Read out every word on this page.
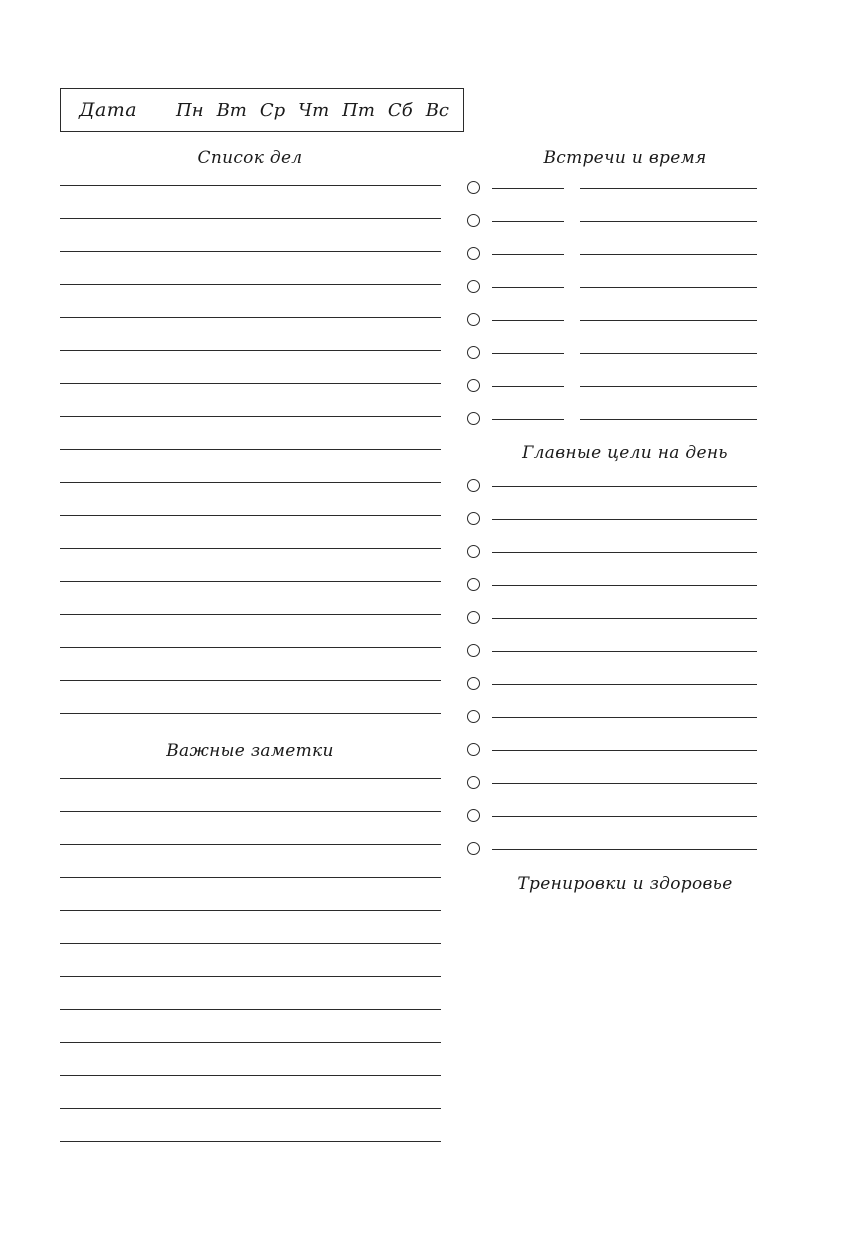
Дата Пн Вт Ср Чт Пт Сб Вс
Список дел
Важные заметки
Встречи и время
Главные цели на день
Тренировки и здоровье
